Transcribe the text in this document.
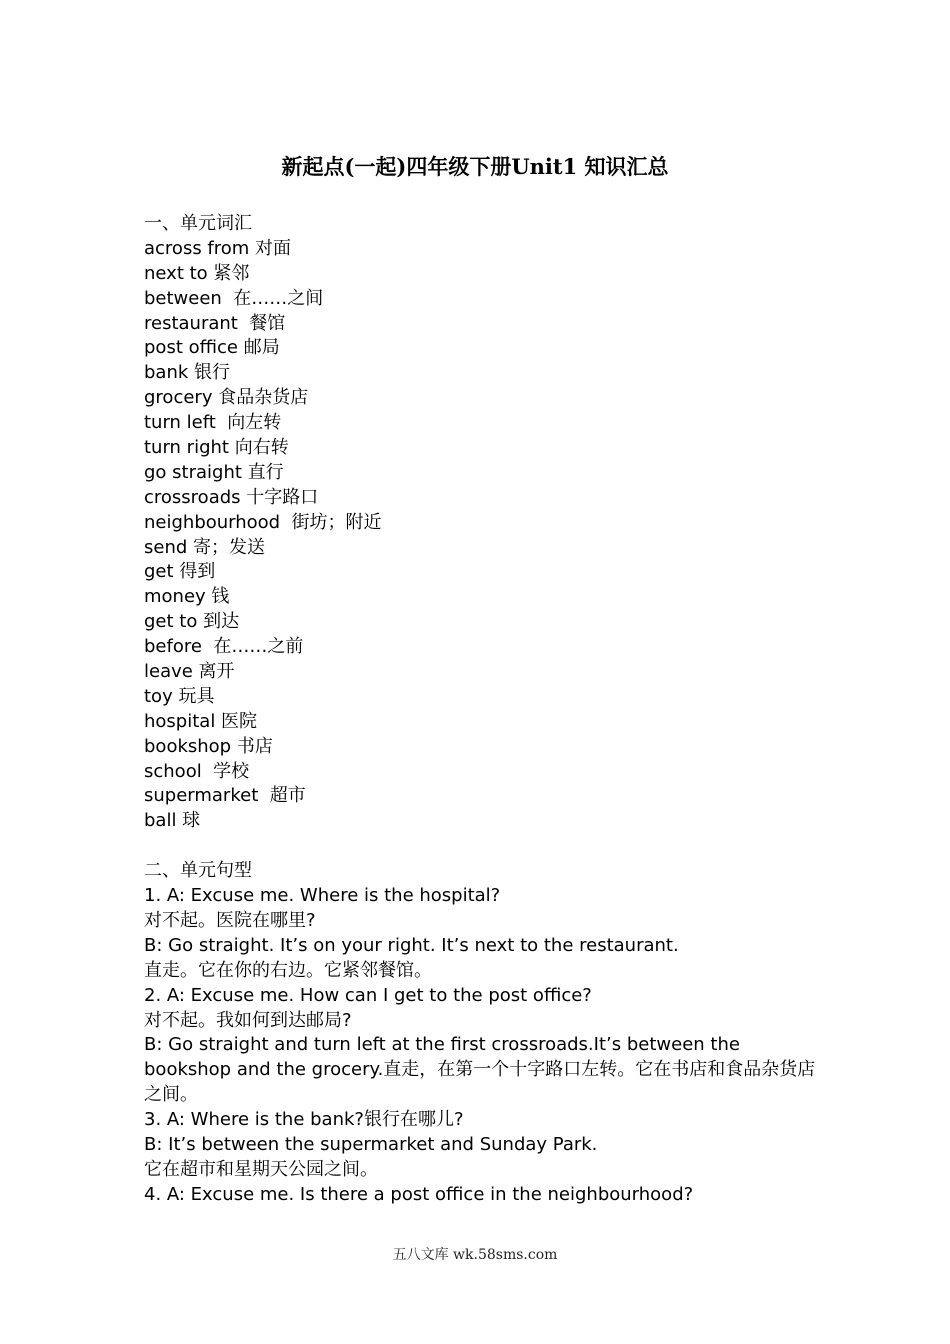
新起点(一起)四年级下册Unit1 知识汇总
一、单元词汇
across from 对面
next to 紧邻
between  在……之间
restaurant  餐馆
post office 邮局
bank 银行
grocery 食品杂货店
turn left  向左转
turn right 向右转
go straight 直行
crossroads 十字路口
neighbourhood  街坊；附近
send 寄；发送
get 得到
money 钱
get to 到达
before  在……之前
leave 离开
toy 玩具
hospital 医院
bookshop 书店
school  学校
supermarket  超市
ball 球
二、单元句型
1. A: Excuse me. Where is the hospital?
对不起。医院在哪里?
B: Go straight. It’s on your right. It’s next to the restaurant.
直走。它在你的右边。它紧邻餐馆。
2. A: Excuse me. How can I get to the post office?
对不起。我如何到达邮局?
B: Go straight and turn left at the first crossroads.It’s between the bookshop and the grocery.直走，在第一个十字路口左转。它在书店和食品杂货店之间。
3. A: Where is the bank?银行在哪儿?
B: It’s between the supermarket and Sunday Park.
它在超市和星期天公园之间。
4. A: Excuse me. Is there a post office in the neighbourhood?
五八文库 wk.58sms.com
